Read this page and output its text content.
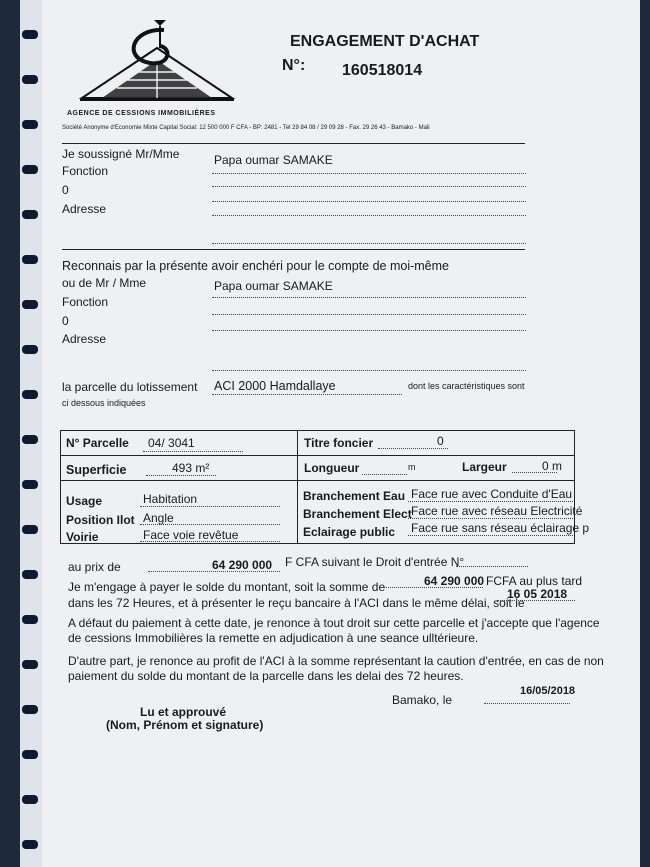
AGENCE DE CESSIONS IMMOBILIÈRES
Société Anonyme d'Economie Mixte Capital Social: 12 500 000 F CFA - BP: 2481 - Tel 29 84 08 / 29 09 28 - Fax. 29 26 43 - Bamako - Mali
ENGAGEMENT D'ACHAT
N°: 160518014
Je soussigné Mr/Mme	Papa oumar SAMAKE
Fonction
0
Adresse
Reconnais par la présente avoir enchéri pour le compte de moi-même
ou de Mr / Mme	Papa oumar SAMAKE
Fonction
0
Adresse
la parcelle du lotissement ACI 2000 Hamdallaye	dont les caractéristiques sont
ci dessous indiquées
N° Parcelle 04/ 3041	Titre foncier	0
Superficie	493 m²	Longueur	m	Largeur	0 m
Usage	Habitation
Position Ilot Angle
Voirie	Face voie revêtue
Branchement Eau Face rue avec Conduite d'Eau
Branchement Elect Face rue avec réseau Electricité
Eclairage public Face rue sans réseau éclairage p
au prix de	64 290 000 F CFA suivant le Droit d'entrée N°
Je m'engage à payer le solde du montant, soit la somme de	64 290 000 FCFA au plus tard
dans les 72 Heures, et à présenter le reçu bancaire à l'ACI dans le même délai, soit le
16 05 2018
A défaut du paiement à cette date, je renonce à tout droit sur cette parcelle et j'accepte que l'agence
de cessions Immobilières la remette en adjudication à une seance ulltérieure.
D'autre part, je renonce au profit de l'ACI à la somme représentant la caution d'entrée, en cas de non
paiement du solde du montant de la parcelle dans les delai des 72 heures.
Bamako, le
16/05/2018
Lu et approuvé
(Nom, Prénom et signature)
